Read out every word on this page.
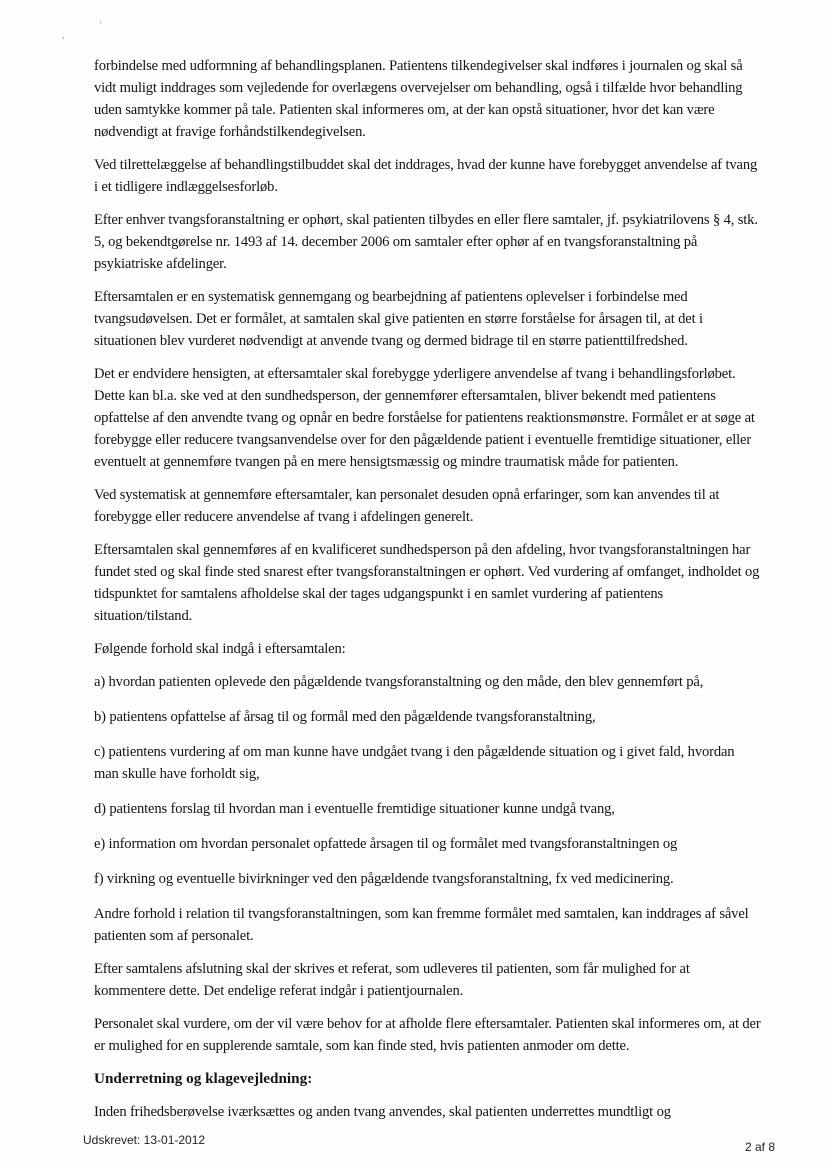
,
'

forbindelse med udformning af behandlingsplanen. Patientens tilkendegivelser skal indføres i journalen og skal så vidt muligt inddrages som vejledende for overlægens overvejelser om behandling, også i tilfælde hvor behandling uden samtykke kommer på tale. Patienten skal informeres om, at der kan opstå situationer, hvor det kan være nødvendigt at fravige forhåndstilkendegivelsen.

Ved tilrettelæggelse af behandlingstilbuddet skal det inddrages, hvad der kunne have forebygget anvendelse af tvang i et tidligere indlæggelsesforløb.

Efter enhver tvangsforanstaltning er ophørt, skal patienten tilbydes en eller flere samtaler, jf. psykiatrilovens § 4, stk. 5, og bekendtgørelse nr. 1493 af 14. december 2006 om samtaler efter ophør af en tvangsforanstaltning på psykiatriske afdelinger.

Eftersamtalen er en systematisk gennemgang og bearbejdning af patientens oplevelser i forbindelse med tvangsudøvelsen. Det er formålet, at samtalen skal give patienten en større forståelse for årsagen til, at det i situationen blev vurderet nødvendigt at anvende tvang og dermed bidrage til en større patienttilfredshed.

Det er endvidere hensigten, at eftersamtaler skal forebygge yderligere anvendelse af tvang i behandlingsforløbet. Dette kan bl.a. ske ved at den sundhedsperson, der gennemfører eftersamtalen, bliver bekendt med patientens opfattelse af den anvendte tvang og opnår en bedre forståelse for patientens reaktionsmønstre. Formålet er at søge at forebygge eller reducere tvangsanvendelse over for den pågældende patient i eventuelle fremtidige situationer, eller eventuelt at gennemføre tvangen på en mere hensigtsmæssig og mindre traumatisk måde for patienten.

Ved systematisk at gennemføre eftersamtaler, kan personalet desuden opnå erfaringer, som kan anvendes til at forebygge eller reducere anvendelse af tvang i afdelingen generelt.

Eftersamtalen skal gennemføres af en kvalificeret sundhedsperson på den afdeling, hvor tvangsforanstaltningen har fundet sted og skal finde sted snarest efter tvangsforanstaltningen er ophørt. Ved vurdering af omfanget, indholdet og tidspunktet for samtalens afholdelse skal der tages udgangspunkt i en samlet vurdering af patientens situation/tilstand.

Følgende forhold skal indgå i eftersamtalen:

a) hvordan patienten oplevede den pågældende tvangsforanstaltning og den måde, den blev gennemført på,

b) patientens opfattelse af årsag til og formål med den pågældende tvangsforanstaltning,

c) patientens vurdering af om man kunne have undgået tvang i den pågældende situation og i givet fald, hvordan man skulle have forholdt sig,

d) patientens forslag til hvordan man i eventuelle fremtidige situationer kunne undgå tvang,

e) information om hvordan personalet opfattede årsagen til og formålet med tvangsforanstaltningen og

f) virkning og eventuelle bivirkninger ved den pågældende tvangsforanstaltning, fx ved medicinering.

Andre forhold i relation til tvangsforanstaltningen, som kan fremme formålet med samtalen, kan inddrages af såvel patienten som af personalet.

Efter samtalens afslutning skal der skrives et referat, som udleveres til patienten, som får mulighed for at kommentere dette. Det endelige referat indgår i patientjournalen.

Personalet skal vurdere, om der vil være behov for at afholde flere eftersamtaler. Patienten skal informeres om, at der er mulighed for en supplerende samtale, som kan finde sted, hvis patienten anmoder om dette.

Underretning og klagevejledning:

Inden frihedsberøvelse iværksættes og anden tvang anvendes, skal patienten underrettes mundtligt og

Udskrevet: 13-01-2012	2 af 8
